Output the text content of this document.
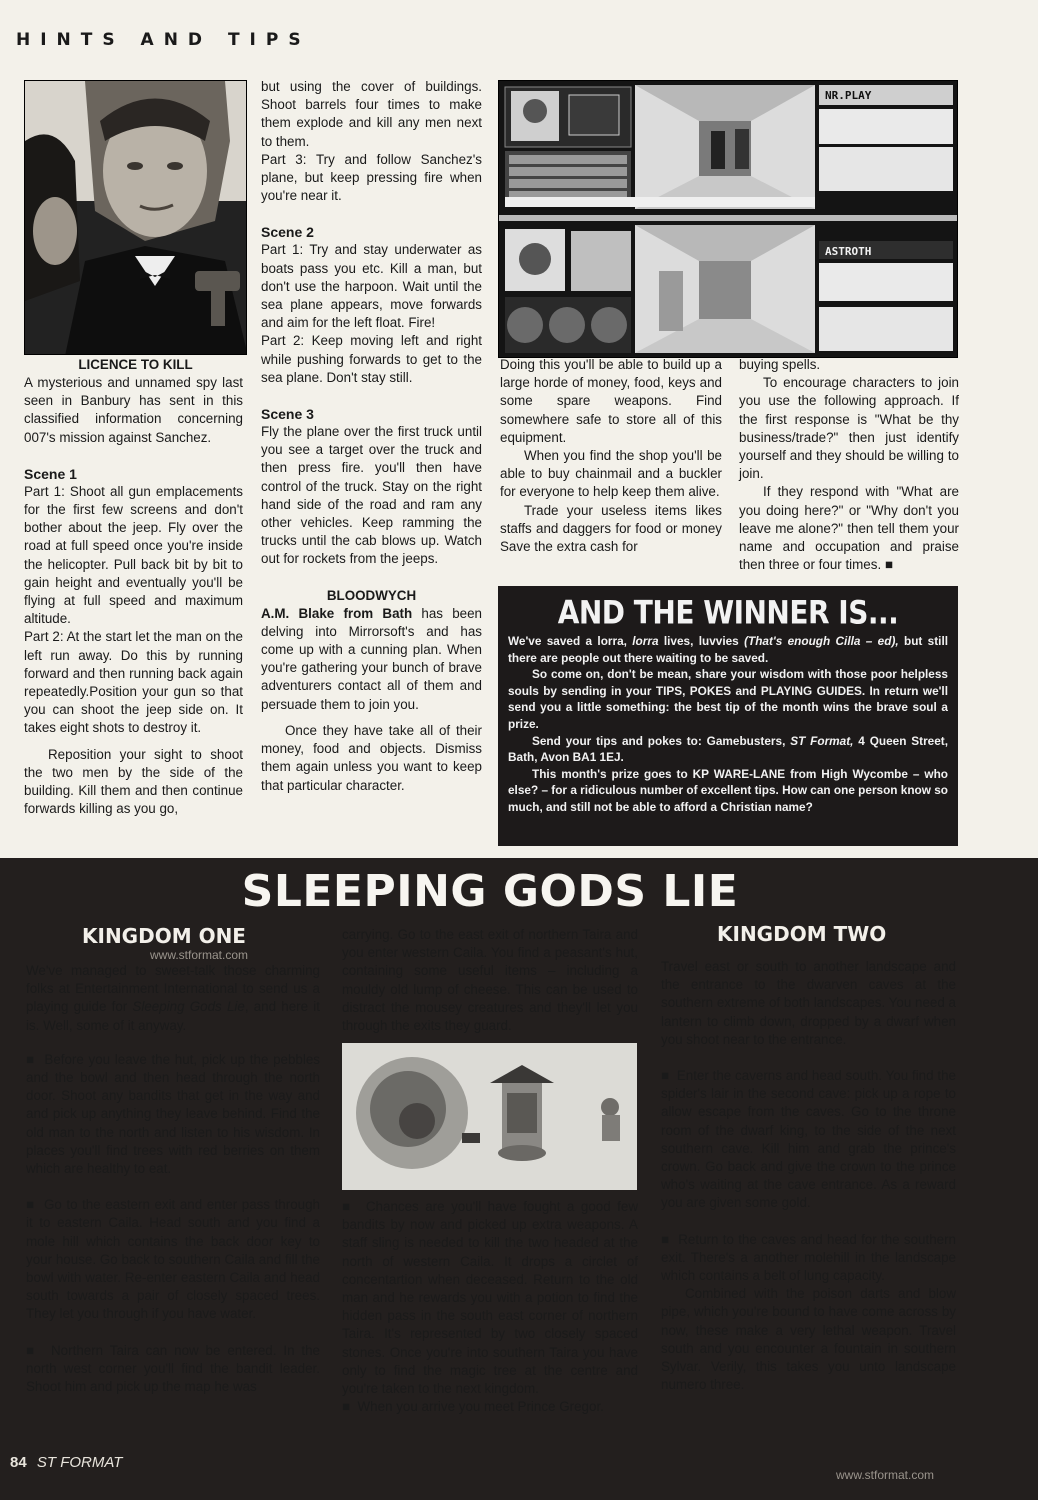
HINTS AND TIPS
LICENCE TO KILL

A mysterious and unnamed spy last seen in Banbury has sent in this classified information concerning 007's mission against Sanchez.

Scene 1

Part 1: Shoot all gun emplacements for the first few screens and don't bother about the jeep. Fly over the road at full speed once you're inside the helicopter. Pull back bit by bit to gain height and eventually you'll be flying at full speed and maximum altitude.

Part 2: At the start let the man on the left run away. Do this by running forward and then running back again repeatedly.Position your gun so that you can shoot the jeep side on. It takes eight shots to destroy it.

Reposition your sight to shoot the two men by the side of the building. Kill them and then continue forwards killing as you go,

but using the cover of buildings. Shoot barrels four times to make them explode and kill any men next to them.

Part 3: Try and follow Sanchez's plane, but keep pressing fire when you're near it.

Scene 2

Part 1: Try and stay underwater as boats pass you etc. Kill a man, but don't use the harpoon. Wait until the sea plane appears, move forwards and aim for the left float. Fire!

Part 2: Keep moving left and right while pushing forwards to get to the sea plane. Don't stay still.

Scene 3

Fly the plane over the first truck until you see a target over the truck and then press fire. you'll then have control of the truck. Stay on the right hand side of the road and ram any other vehicles. Keep ramming the trucks until the cab blows up. Watch out for rockets from the jeeps.

BLOODWYCH

A.M. Blake from Bath has been delving into Mirrorsoft's and has come up with a cunning plan. When you're gathering your bunch of brave adventurers contact all of them and persuade them to join you.

Once they have take all of their money, food and objects. Dismiss them again unless you want to keep that particular character.

NR.PLAY
ASTROTH

Doing this you'll be able to build up a large horde of money, food, keys and some spare weapons. Find somewhere safe to store all of this equipment.

When you find the shop you'll be able to buy chainmail and a buckler for everyone to help keep them alive.

Trade your useless items likes staffs and daggers for food or money Save the extra cash for

buying spells.

To encourage characters to join you use the following approach. If the first response is "What be thy business/trade?" then just identify yourself and they should be willing to join.

If they respond with "What are you doing here?" or "Why don't you leave me alone?" then tell them your name and occupation and praise then three or four times. ■

AND THE WINNER IS...

We've saved a lorra, lorra lives, luvvies (That's enough Cilla – ed), but still there are people out there waiting to be saved.

So come on, don't be mean, share your wisdom with those poor helpless souls by sending in your TIPS, POKES and PLAYING GUIDES. In return we'll send you a little something: the best tip of the month wins the brave soul a prize.

Send your tips and pokes to: Gamebusters, ST Format, 4 Queen Street, Bath, Avon BA1 1EJ.

This month's prize goes to KP WARE-LANE from High Wycombe – who else? – for a ridiculous number of excellent tips. How can one person know so much, and still not be able to afford a Christian name?

SLEEPING GODS LIE
KINGDOM ONE
www.stformat.com

We've managed to sweet-talk those charming folks at Entertainment International to send us a playing guide for Sleeping Gods Lie, and here it is. Well, some of it anyway.

■  Before you leave the hut, pick up the pebbles and the bowl and then head through the north door. Shoot any bandits that get in the way and and pick up anything they leave behind. Find the old man to the north and listen to his wisdom. In places you'll find trees with red berries on them which are healthy to eat.

■  Go to the eastern exit and enter pass through it to eastern Caila. Head south and you find a mole hill which contains the back door key to your house. Go back to southern Caila and fill the bowl with water. Re-enter eastern Caila and head south towards a pair of closely spaced trees. They let you through if you have water.

■  Northern Taira can now be entered. In the north west corner you'll find the bandit leader. Shoot him and pick up the map he was

carrying. Go to the east exit of northern Taira and you enter western Caila. You find a peasant's hut, containing some useful items – including a mouldy old lump of cheese. This can be used to distract the mousey creatures and they'll let you through the exits they guard.

■  Chances are you'll have fought a good few bandits by now and picked up extra weapons. A staff sling is needed to kill the two headed at the north of western Caila. It drops a circlet of concentartion when deceased. Return to the old man and he rewards you with a potion to find the hidden pass in the south east corner of northern Taira. It's represented by two closely spaced stones. Once you're into southern Taira you have only to find the magic tree at the centre and you're taken to the next kingdom.

■  When you arrive you meet Prince Gregor.

KINGDOM TWO

Travel east or south to another landscape and the entrance to the dwarven caves at the southern extreme of both landscapes. You need a lantern to climb down, dropped by a dwarf when you shoot near to the entrance.

■  Enter the caverns and head south. You find the spider's lair in the second cave: pick up a rope to allow escape from the caves. Go to the throne room of the dwarf king, to the side of the next southern cave. Kill him and grab the prince's crown. Go back and give the crown to the prince who's waiting at the cave entrance. As a reward you are given some gold.

■  Return to the caves and head for the southern exit. There's a another molehill in the landscape which contains a belt of lung capacity.

Combined with the poison darts and blow pipe, which you're bound to have come across by now, these make a very lethal weapon. Travel south and you encounter a fountain in southern Sylvar. Verily, this takes you unto landscape numero three.

84 ST FORMAT
www.stformat.com
